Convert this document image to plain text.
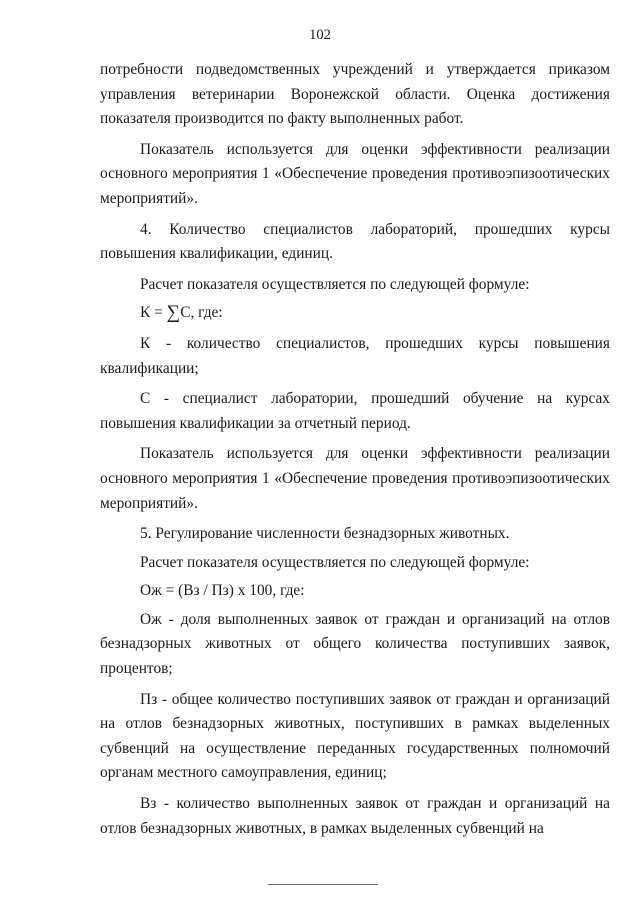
102

потребности подведомственных учреждений и утверждается приказом управления ветеринарии Воронежской области. Оценка достижения показателя производится по факту выполненных работ.

Показатель используется для оценки эффективности реализации основного мероприятия 1 «Обеспечение проведения противоэпизоотических мероприятий».

4. Количество специалистов лабораторий, прошедших курсы повышения квалификации, единиц.

Расчет показателя осуществляется по следующей формуле:

К = ∑С, где:

К - количество специалистов, прошедших курсы повышения квалификации;

С - специалист лаборатории, прошедший обучение на курсах повышения квалификации за отчетный период.

Показатель используется для оценки эффективности реализации основного мероприятия 1 «Обеспечение проведения противоэпизоотических мероприятий».

5. Регулирование численности безнадзорных животных.

Расчет показателя осуществляется по следующей формуле:

Ож = (Вз / Пз) х 100, где:

Ож - доля выполненных заявок от граждан и организаций на отлов безнадзорных животных от общего количества поступивших заявок, процентов;

Пз - общее количество поступивших заявок от граждан и организаций на отлов безнадзорных животных, поступивших в рамках выделенных субвенций на осуществление переданных государственных полномочий органам местного самоуправления, единиц;

Вз - количество выполненных заявок от граждан и организаций на отлов безнадзорных животных, в рамках выделенных субвенций на
